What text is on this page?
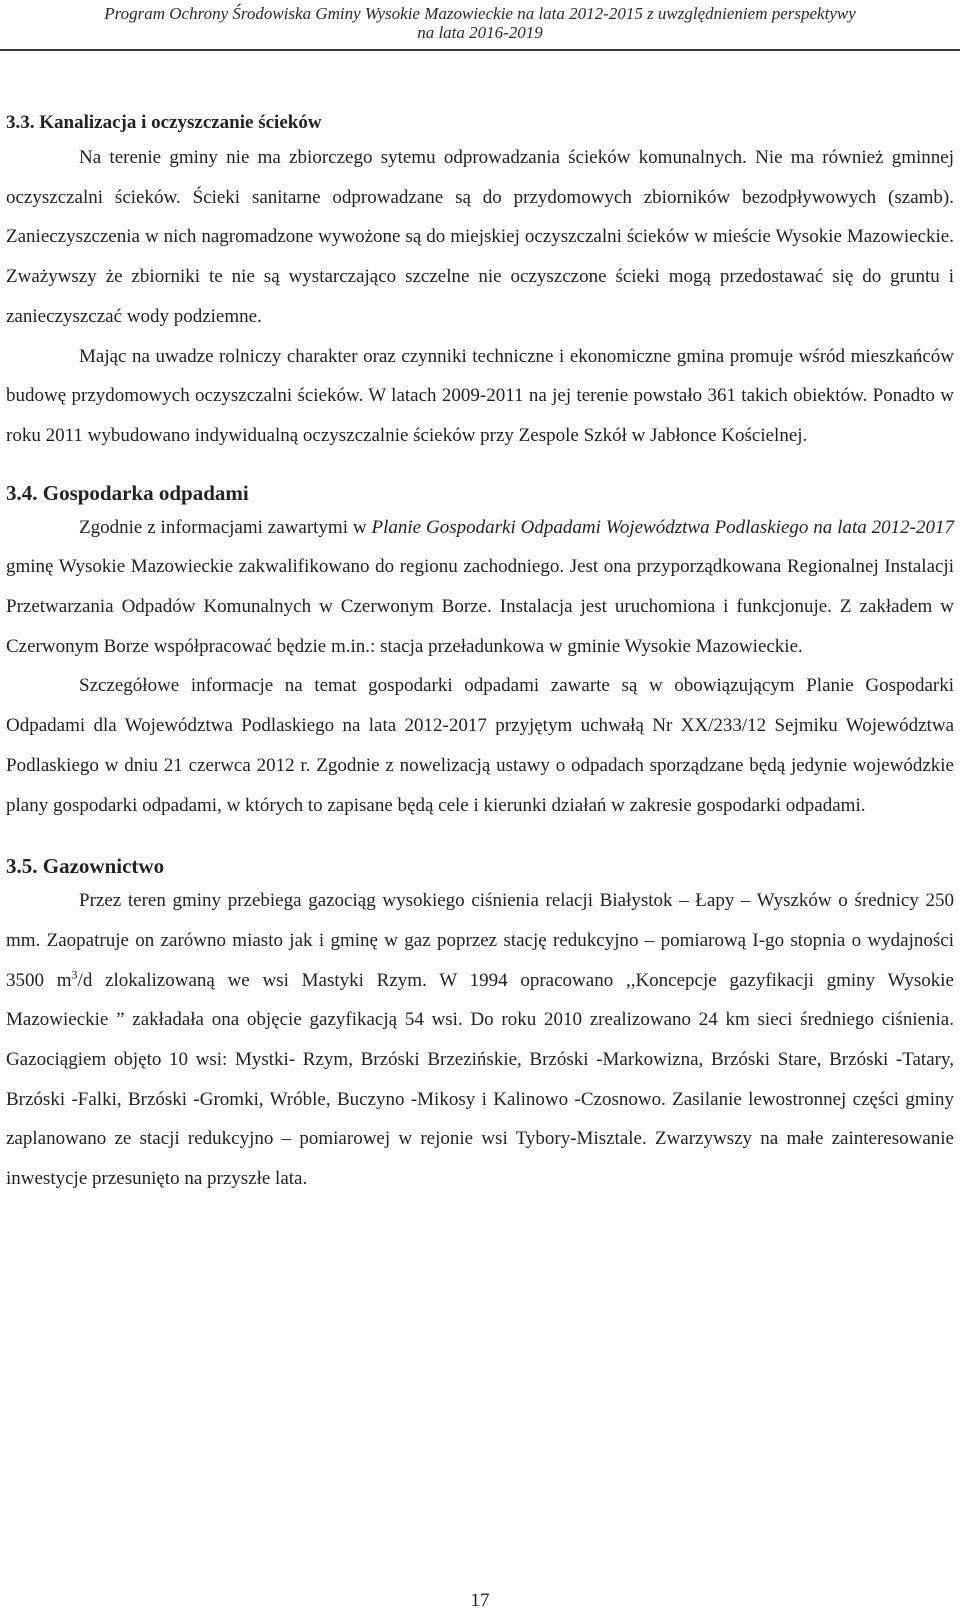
Program Ochrony Środowiska Gminy Wysokie Mazowieckie na lata 2012-2015 z uwzględnieniem perspektywy
na lata 2016-2019
3.3. Kanalizacja i oczyszczanie ścieków

Na terenie gminy nie ma zbiorczego sytemu odprowadzania ścieków komunalnych. Nie ma również gminnej oczyszczalni ścieków. Ścieki sanitarne odprowadzane są do przydomowych zbiorników bezodpływowych (szamb). Zanieczyszczenia w nich nagromadzone wywożone są do miejskiej oczyszczalni ścieków w mieście Wysokie Mazowieckie. Zważywszy że zbiorniki te nie są wystarczająco szczelne nie oczyszczone ścieki mogą przedostawać się do gruntu i zanieczyszczać wody podziemne.

Mając na uwadze rolniczy charakter oraz czynniki techniczne i ekonomiczne gmina promuje wśród mieszkańców budowę przydomowych oczyszczalni ścieków. W latach 2009-2011 na jej terenie powstało 361 takich obiektów. Ponadto w roku 2011 wybudowano indywidualną oczyszczalnie ścieków przy Zespole Szkół w Jabłonce Kościelnej.

3.4. Gospodarka odpadami

Zgodnie z informacjami zawartymi w Planie Gospodarki Odpadami Województwa Podlaskiego na lata 2012-2017 gminę Wysokie Mazowieckie zakwalifikowano do regionu zachodniego. Jest ona przyporządkowana Regionalnej Instalacji Przetwarzania Odpadów Komunalnych w Czerwonym Borze. Instalacja jest uruchomiona i funkcjonuje. Z zakładem w Czerwonym Borze współpracować będzie m.in.: stacja przeładunkowa w gminie Wysokie Mazowieckie.

Szczegółowe informacje na temat gospodarki odpadami zawarte są w obowiązującym Planie Gospodarki Odpadami dla Województwa Podlaskiego na lata 2012-2017 przyjętym uchwałą Nr XX/233/12 Sejmiku Województwa Podlaskiego w dniu 21 czerwca 2012 r. Zgodnie z nowelizacją ustawy o odpadach sporządzane będą jedynie wojewódzkie plany gospodarki odpadami, w których to zapisane będą cele i kierunki działań w zakresie gospodarki odpadami.

3.5. Gazownictwo

Przez teren gminy przebiega gazociąg wysokiego ciśnienia relacji Białystok – Łapy – Wyszków o średnicy 250 mm. Zaopatruje on zarówno miasto jak i gminę w gaz poprzez stację redukcyjno – pomiarową I-go stopnia o wydajności 3500 $m^3/d$ zlokalizowaną we wsi Mastyki Rzym. W 1994 opracowano ,,Koncepcje gazyfikacji gminy Wysokie Mazowieckie ” zakładała ona objęcie gazyfikacją 54 wsi. Do roku 2010 zrealizowano 24 km sieci średniego ciśnienia. Gazociągiem objęto 10 wsi: Mystki- Rzym, Brzóski Brzezińskie, Brzóski -Markowizna, Brzóski Stare, Brzóski -Tatary, Brzóski -Falki, Brzóski -Gromki, Wróble, Buczyno -Mikosy i Kalinowo -Czosnowo. Zasilanie lewostronnej części gminy zaplanowano ze stacji redukcyjno – pomiarowej w rejonie wsi Tybory-Misztale. Zwarzywszy na małe zainteresowanie inwestycje przesunięto na przyszłe lata.

17
